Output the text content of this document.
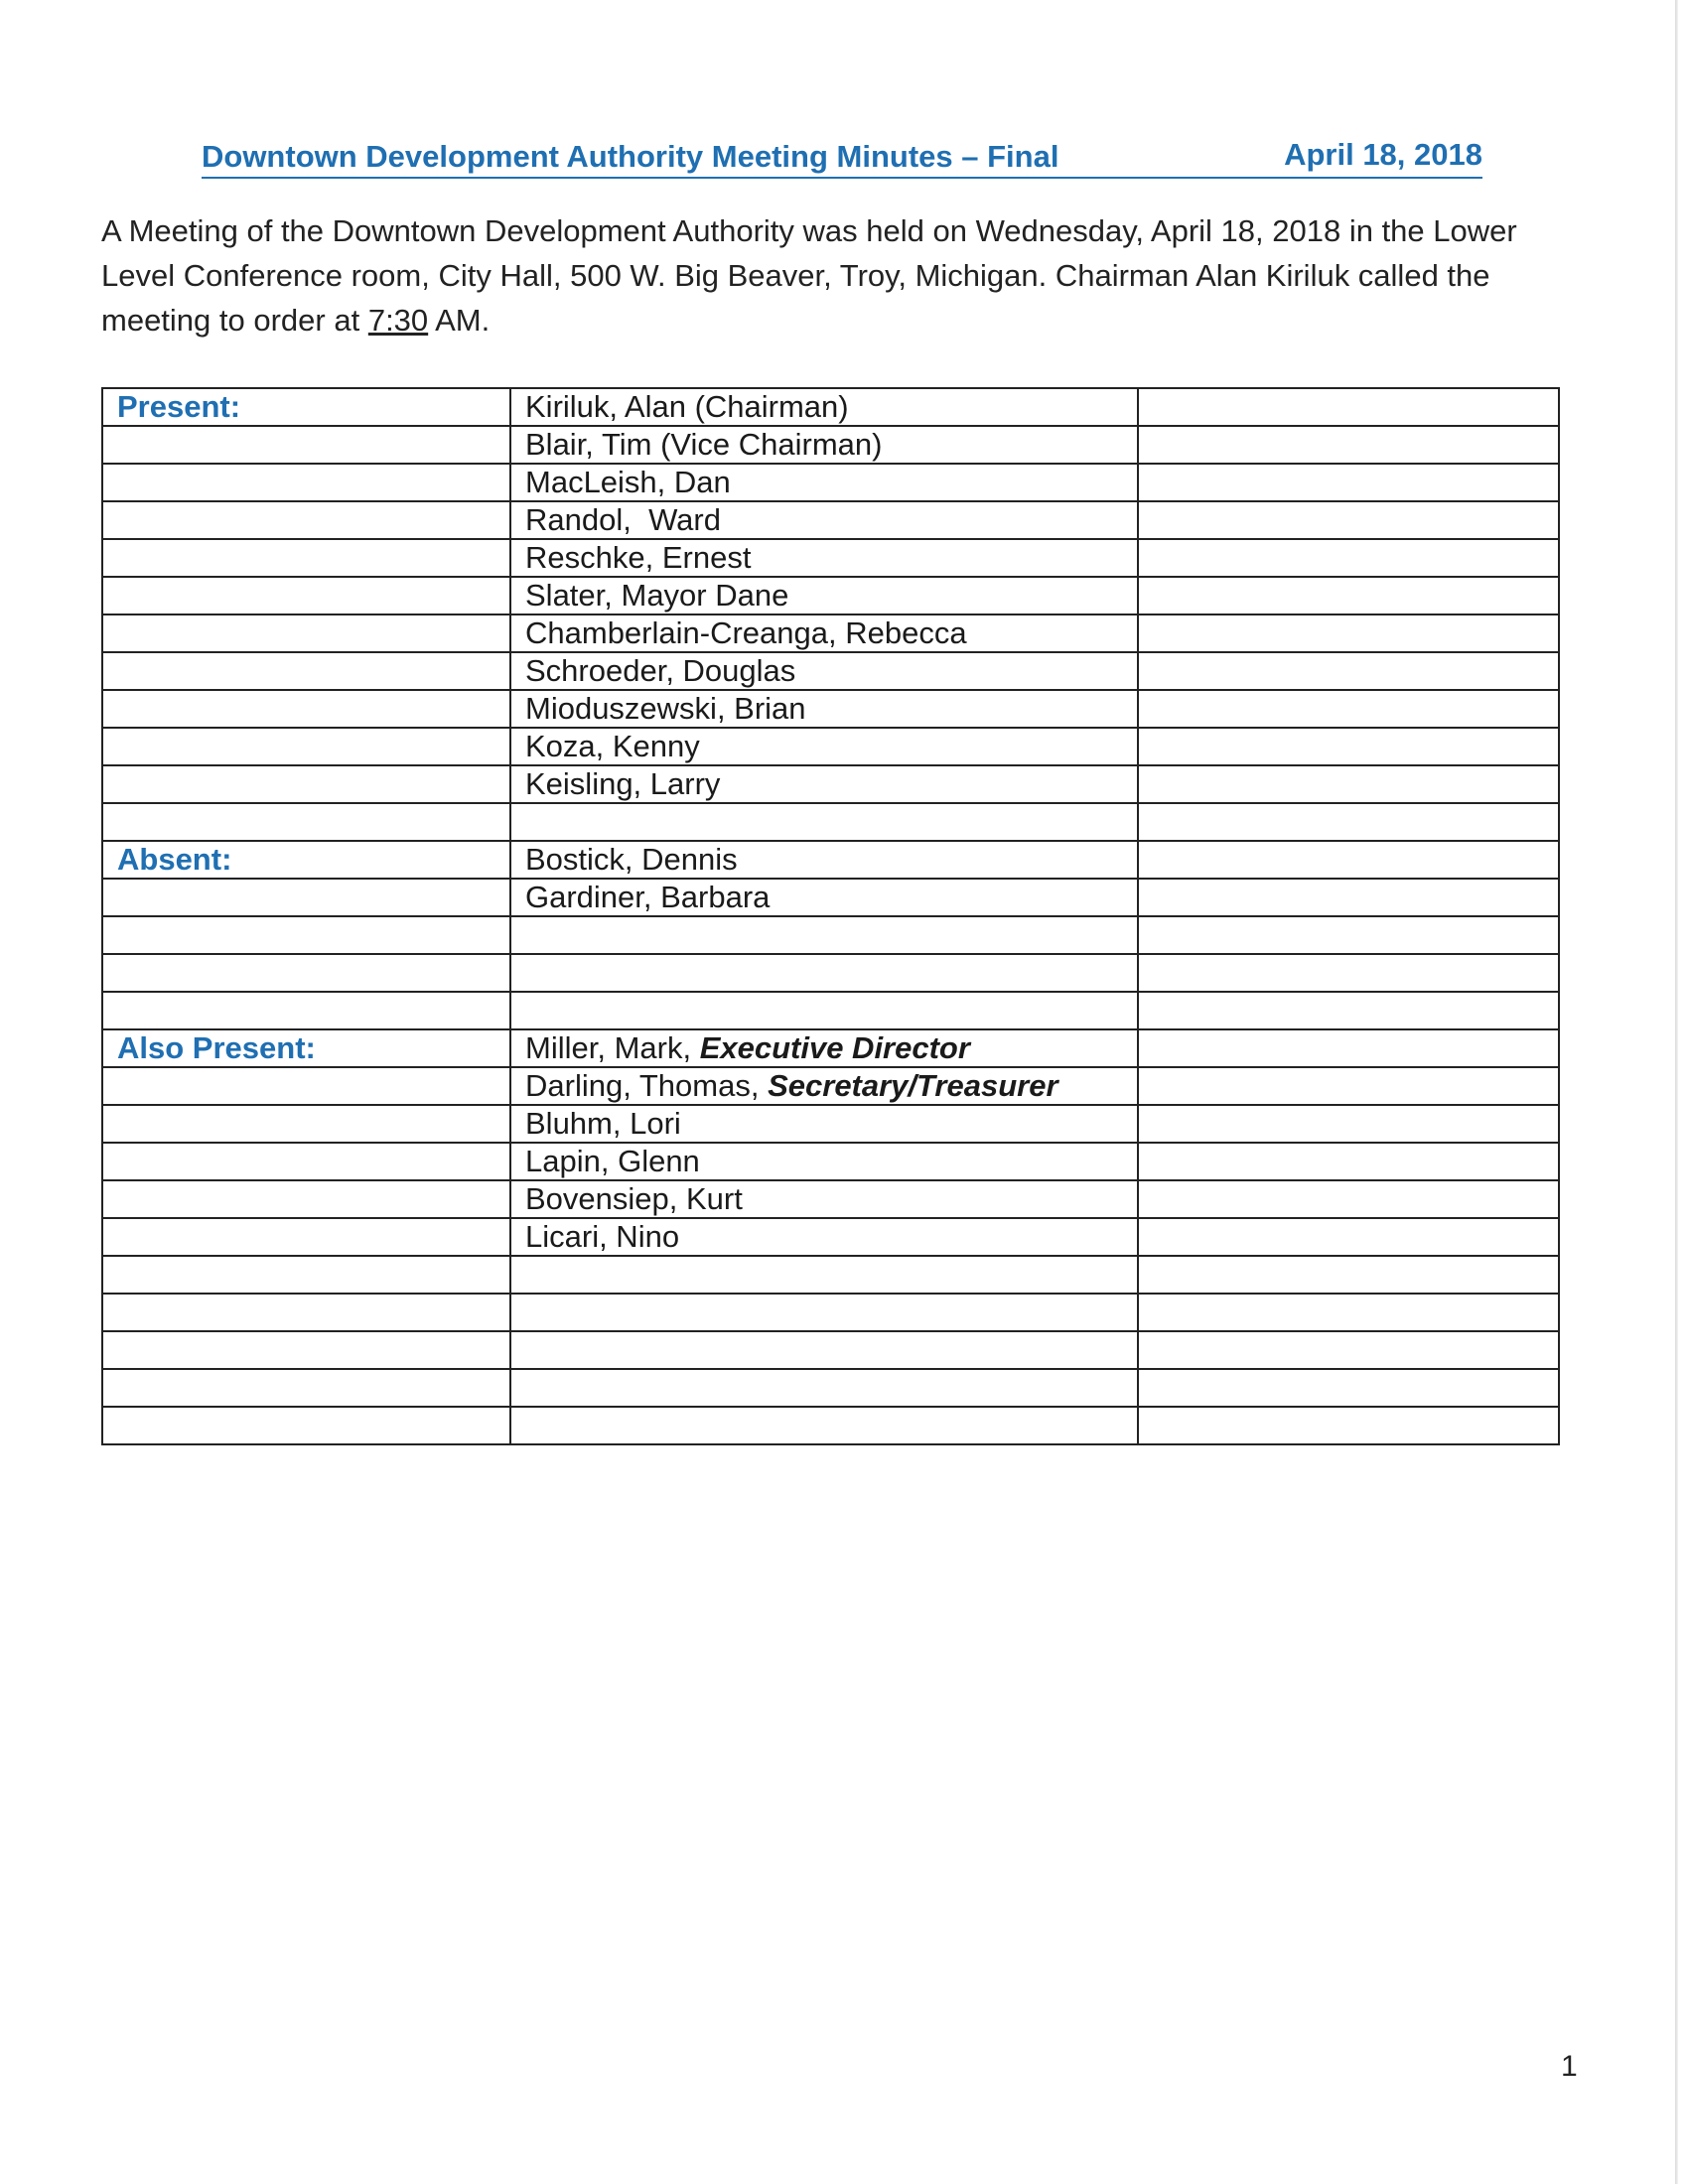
Downtown Development Authority Meeting Minutes – Final	April 18, 2018

A Meeting of the Downtown Development Authority was held on Wednesday, April 18, 2018 in the Lower Level Conference room, City Hall, 500 W. Big Beaver, Troy, Michigan. Chairman Alan Kiriluk called the meeting to order at 7:30 AM.

Present:	Kiriluk, Alan (Chairman)	
	Blair, Tim (Vice Chairman)	
	MacLeish, Dan	
	Randol,  Ward	
	Reschke, Ernest	
	Slater, Mayor Dane	
	Chamberlain-Creanga, Rebecca	
	Schroeder, Douglas	
	Mioduszewski, Brian	
	Koza, Kenny	
	Keisling, Larry	

Absent:	Bostick, Dennis	
	Gardiner, Barbara	

Also Present:	Miller, Mark, Executive Director	
	Darling, Thomas, Secretary/Treasurer	
	Bluhm, Lori	
	Lapin, Glenn	
	Bovensiep, Kurt	
	Licari, Nino	

1
